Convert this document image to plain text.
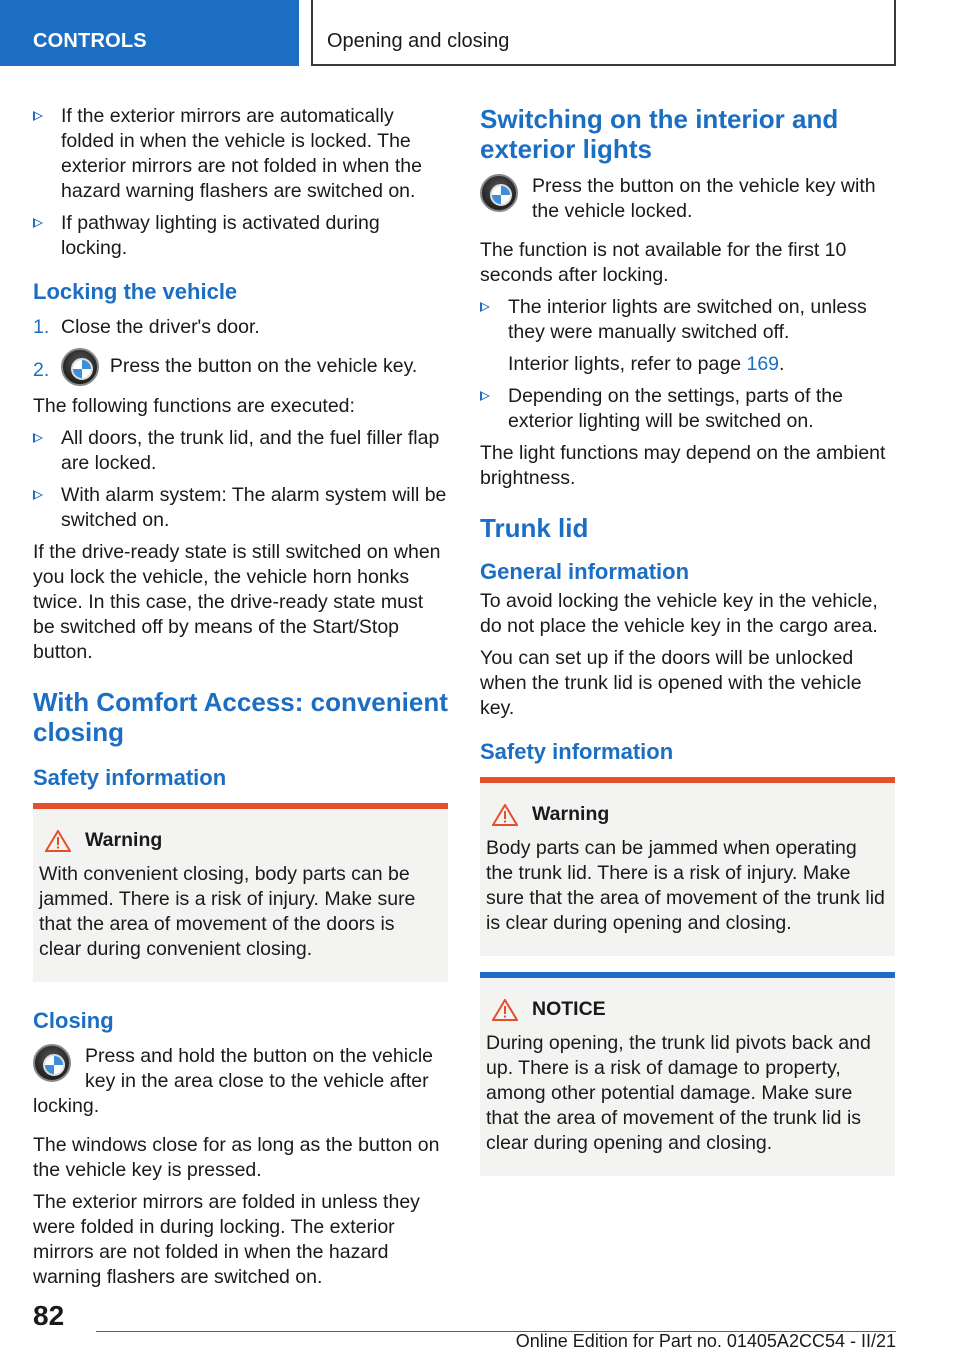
CONTROLS	Opening and closing
If the exterior mirrors are automatically folded in when the vehicle is locked. The exterior mirrors are not folded in when the hazard warning flashers are switched on.
If pathway lighting is activated during locking.
Locking the vehicle
1. Close the driver's door.
2.	Press the button on the vehicle key.

The following functions are executed:

All doors, the trunk lid, and the fuel filler flap are locked.
With alarm system: The alarm system will be switched on.

If the drive-ready state is still switched on when you lock the vehicle, the vehicle horn honks twice. In this case, the drive-ready state must be switched off by means of the Start/Stop button.

With Comfort Access: convenient closing
Safety information
Warning

With convenient closing, body parts can be jammed. There is a risk of injury. Make sure that the area of movement of the doors is clear during convenient closing.

Closing

Press and hold the button on the vehicle key in the area close to the vehicle after locking.

The windows close for as long as the button on the vehicle key is pressed.

The exterior mirrors are folded in unless they were folded in during locking. The exterior mirrors are not folded in when the hazard warning flashers are switched on.

Switching on the interior and exterior lights

Press the button on the vehicle key with the vehicle locked.

The function is not available for the first 10 seconds after locking.

The interior lights are switched on, unless they were manually switched off.
Interior lights, refer to page 169.
Depending on the settings, parts of the exterior lighting will be switched on.

The light functions may depend on the ambient brightness.

Trunk lid
General information

To avoid locking the vehicle key in the vehicle, do not place the vehicle key in the cargo area.

You can set up if the doors will be unlocked when the trunk lid is opened with the vehicle key.

Safety information
Warning

Body parts can be jammed when operating the trunk lid. There is a risk of injury. Make sure that the area of movement of the trunk lid is clear during opening and closing.

NOTICE

During opening, the trunk lid pivots back and up. There is a risk of damage to property, among other potential damage. Make sure that the area of movement of the trunk lid is clear during opening and closing.

82
Online Edition for Part no. 01405A2CC54 - II/21
